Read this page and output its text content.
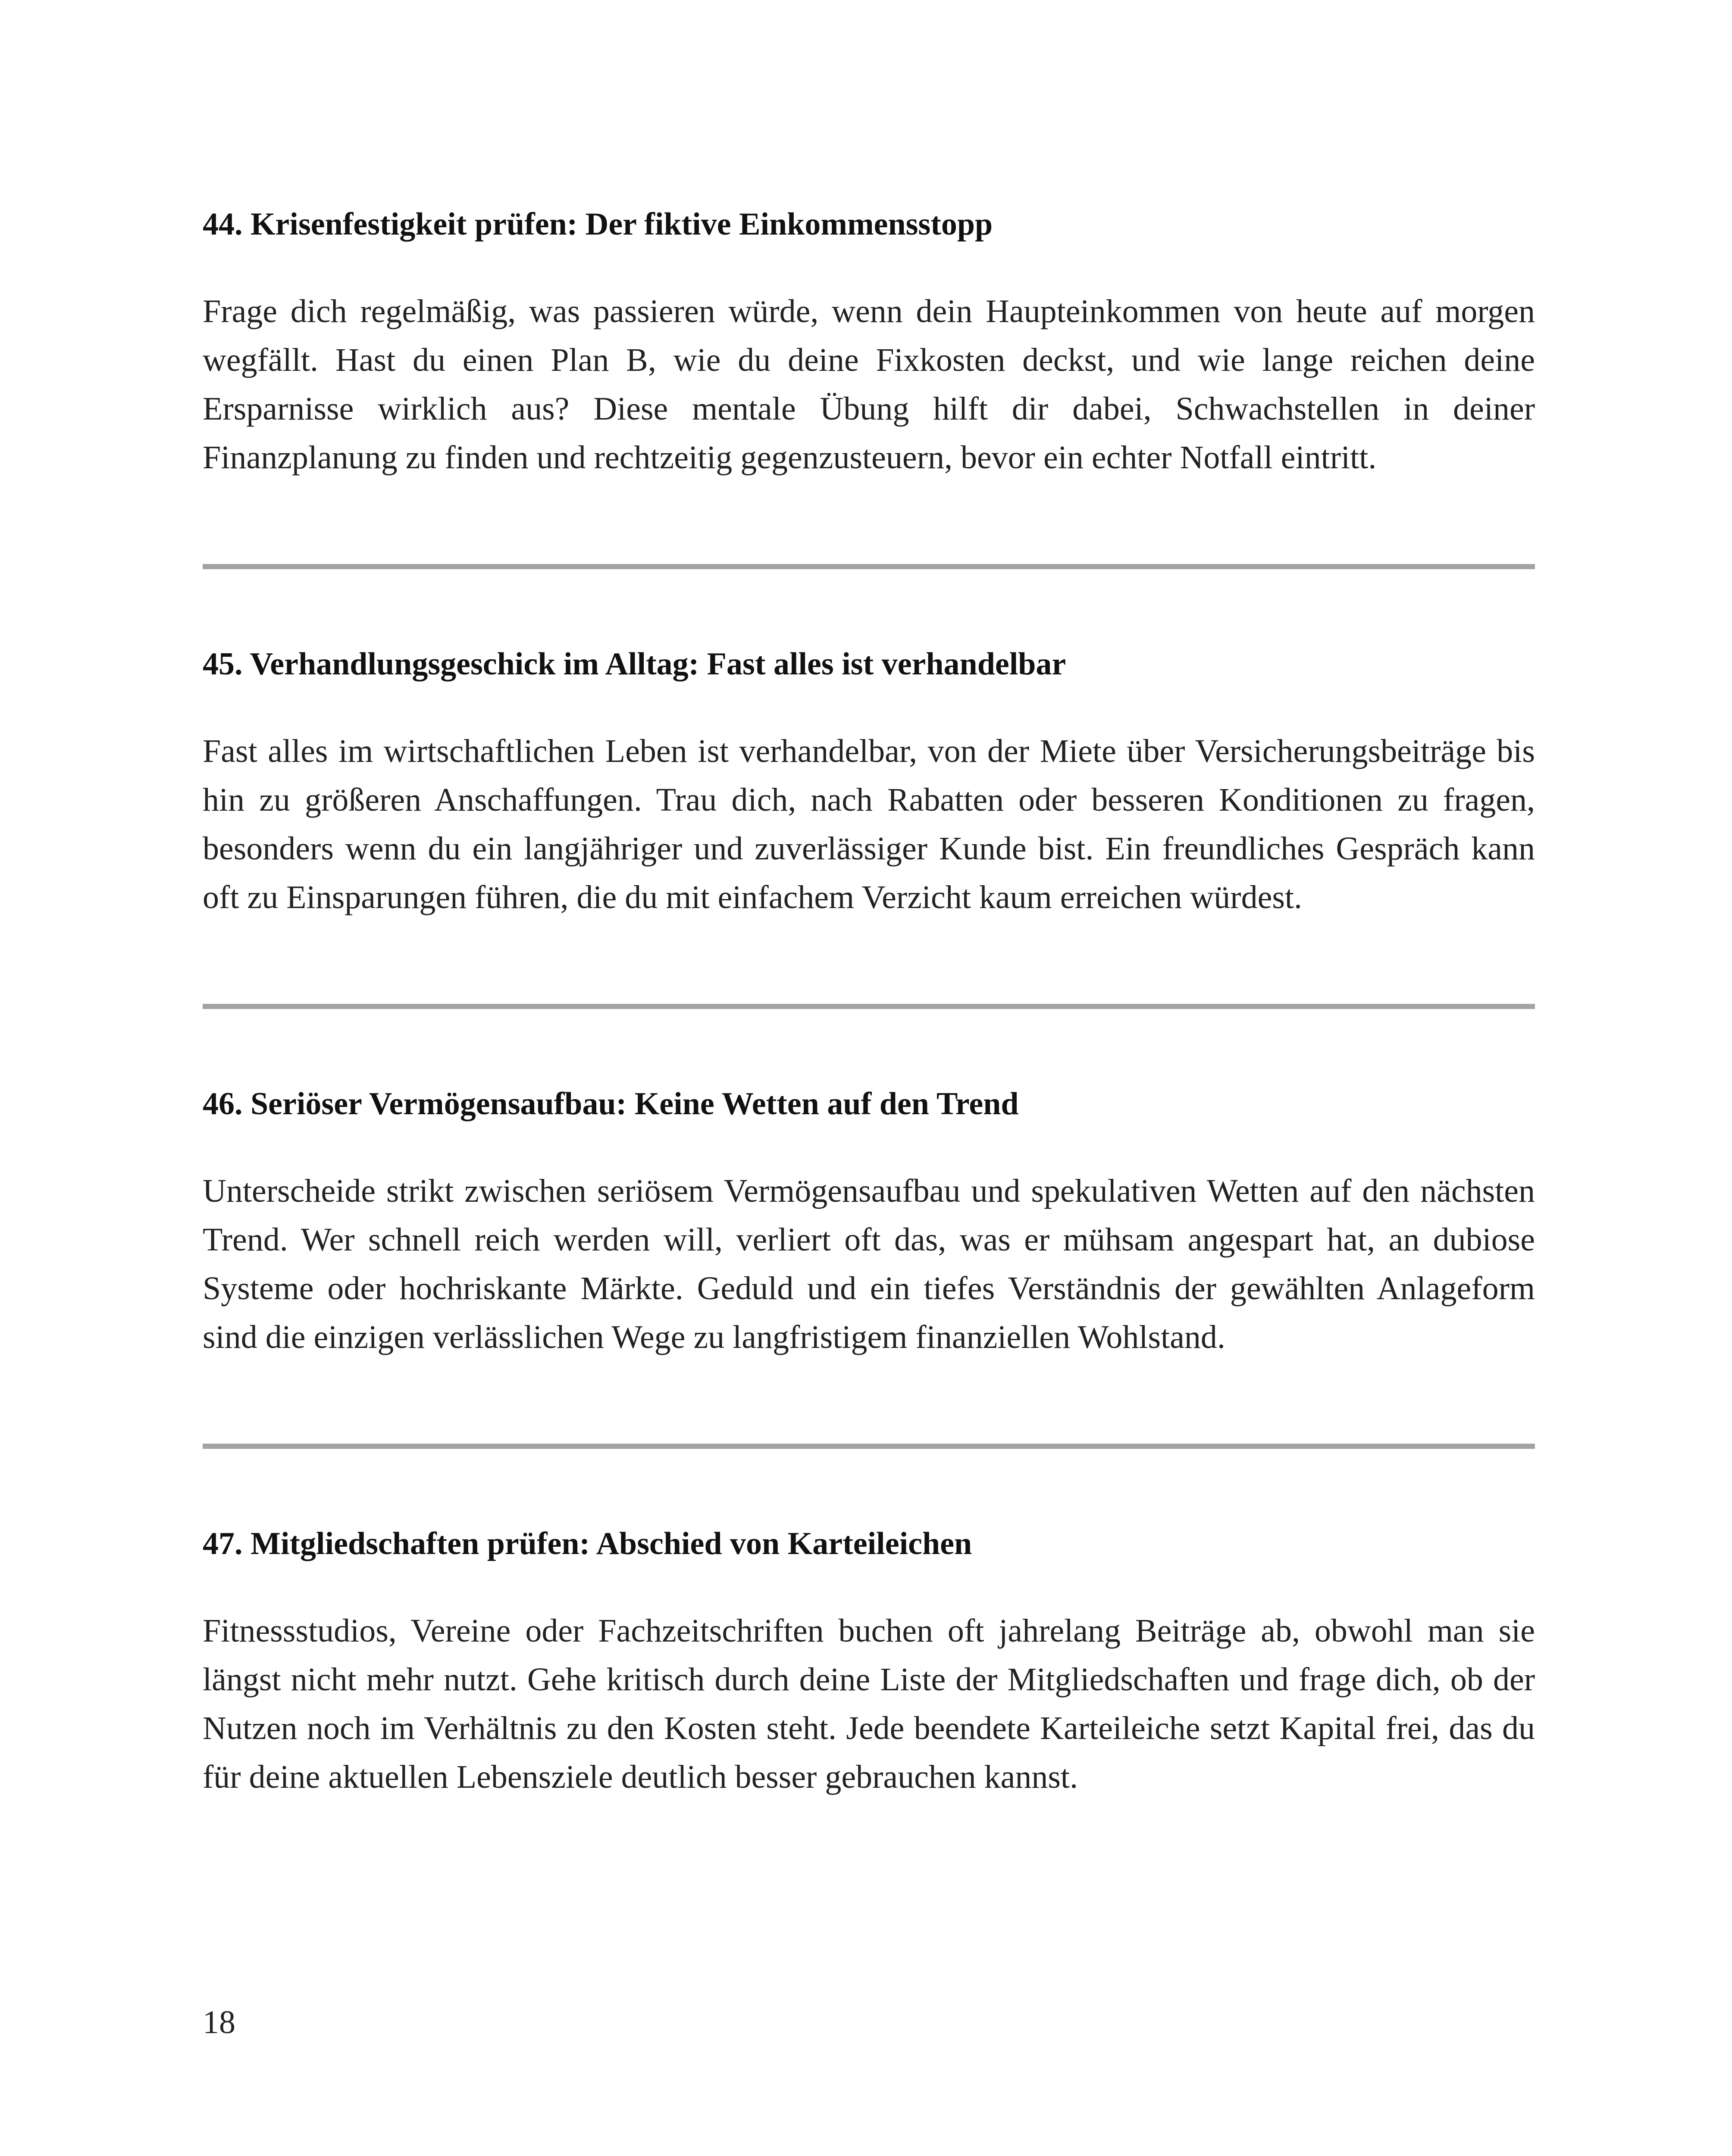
44. Krisenfestigkeit prüfen: Der fiktive Einkommensstopp

Frage dich regelmäßig, was passieren würde, wenn dein Haupteinkommen von heute auf morgen wegfällt. Hast du einen Plan B, wie du deine Fixkosten deckst, und wie lange reichen deine Ersparnisse wirklich aus? Diese mentale Übung hilft dir dabei, Schwachstellen in deiner Finanzplanung zu finden und rechtzeitig gegenzusteuern, bevor ein echter Notfall eintritt.

45. Verhandlungsgeschick im Alltag: Fast alles ist verhandelbar

Fast alles im wirtschaftlichen Leben ist verhandelbar, von der Miete über Versicherungsbeiträge bis hin zu größeren Anschaffungen. Trau dich, nach Rabatten oder besseren Konditionen zu fragen, besonders wenn du ein langjähriger und zuverlässiger Kunde bist. Ein freundliches Gespräch kann oft zu Einsparungen führen, die du mit einfachem Verzicht kaum erreichen würdest.

46. Seriöser Vermögensaufbau: Keine Wetten auf den Trend

Unterscheide strikt zwischen seriösem Vermögensaufbau und spekulativen Wetten auf den nächsten Trend. Wer schnell reich werden will, verliert oft das, was er mühsam angespart hat, an dubiose Systeme oder hochriskante Märkte. Geduld und ein tiefes Verständnis der gewählten Anlageform sind die einzigen verlässlichen Wege zu langfristigem finanziellen Wohlstand.

47. Mitgliedschaften prüfen: Abschied von Karteileichen

Fitnessstudios, Vereine oder Fachzeitschriften buchen oft jahrelang Beiträge ab, obwohl man sie längst nicht mehr nutzt. Gehe kritisch durch deine Liste der Mitgliedschaften und frage dich, ob der Nutzen noch im Verhältnis zu den Kosten steht. Jede beendete Karteileiche setzt Kapital frei, das du für deine aktuellen Lebensziele deutlich besser gebrauchen kannst.

18
